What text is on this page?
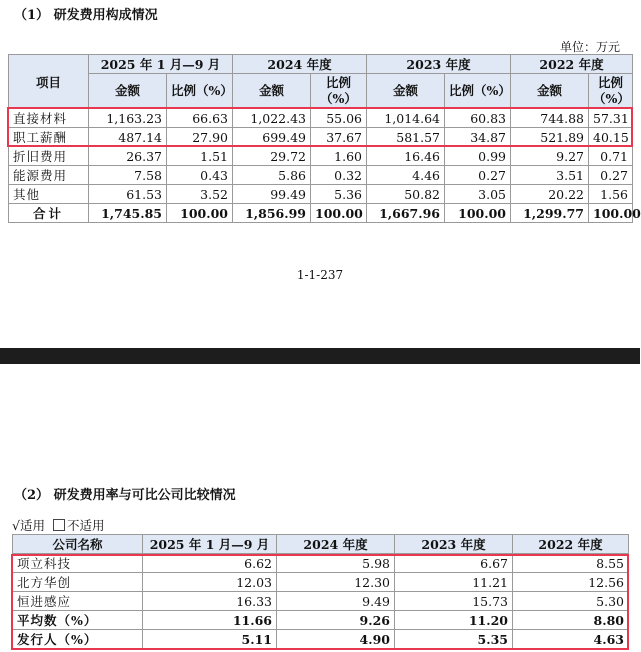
（1） 研发费用构成情况
单位：万元
项目	2025 年 1 月—9 月		2024 年度		2023 年度		2022 年度	
	金额	比例（%）	金额	比例（%）	金额	比例（%）	金额	比例（%）
直接材料	1,163.23	66.63	1,022.43	55.06	1,014.64	60.83	744.88	57.31
职工薪酬	487.14	27.90	699.49	37.67	581.57	34.87	521.89	40.15
折旧费用	26.37	1.51	29.72	1.60	16.46	0.99	9.27	0.71
能源费用	7.58	0.43	5.86	0.32	4.46	0.27	3.51	0.27
其他	61.53	3.52	99.49	5.36	50.82	3.05	20.22	1.56
合计	1,745.85	100.00	1,856.99	100.00	1,667.96	100.00	1,299.77	100.00
1-1-237
（2） 研发费用率与可比公司比较情况
√适用 不适用
公司名称	2025 年 1 月—9 月	2024 年度	2023 年度	2022 年度
项立科技	6.62	5.98	6.67	8.55
北方华创	12.03	12.30	11.21	12.56
恒进感应	16.33	9.49	15.73	5.30
平均数（%）	11.66	9.26	11.20	8.80
发行人（%）	5.11	4.90	5.35	4.63
